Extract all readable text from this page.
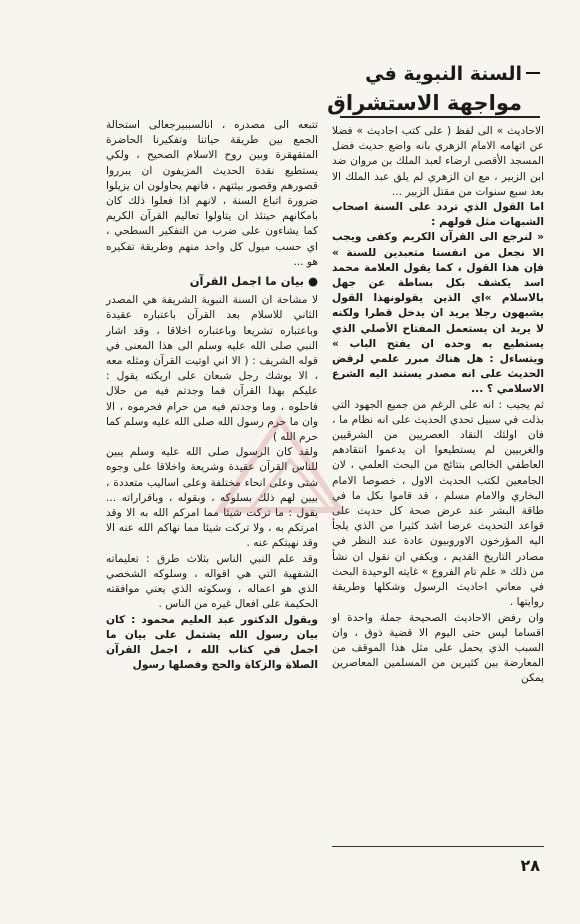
السنة النبوية في
مواجهة الاستشراق

الاحاديث » الى لفظ ( على كتب احاديث » فضلا عن اتهامه الامام الزهري بانه واضع حديث فضل المسجد الأقصى ارضاء لعبد الملك بن مروان ضد ابن الزبير ، مع ان الزهري لم يلق عبد الملك الا بعد سبع سنوات من مقتل الزبير ...

اما القول الذي تردد على السنة اصحاب الشبهات مثل قولهم :

« لنرجع الى القرآن الكريم وكفى ويجب الا نجعل من انفسنا متعبدين للسنة » فإن هذا القول ، كما يقول العلامة محمد اسد يكشف بكل بساطة عن جهل بالاسلام »اي الذين يقولونهذا القول يشبهون رجلا يريد ان يدخل قطرا ولكنه لا يريد ان يستعمل المفتاح الأصلي الذي يستطيع به وحده ان يفتح الباب » ويتساءل : هل هناك مبرر علمي لرفض الحديث على انه مصدر يستند اليه الشرع الاسلامي ؟ ...

ثم يجيب : انه على الرغم من جميع الجهود التي بذلت في سبيل تحدي الحديث على انه نظام ما ، فان اولئك النقاد العصريين من الشرقيين والغربيين لم يستطيعوا ان يدعموا انتقادهم العاطفي الخالص بنتائج من البحث العلمي ، لان الجامعين لكتب الحديث الاول ، خصوصا الامام البخاري والامام مسلم ، قد قاموا بكل ما في طاقة البشر عند عرض صحة كل حديث على قواعد التحديث عرضا اشد كثيرا من الذي يلجأ اليه المؤرخون الاوروبيون عادة عند النظر في مصادر التاريخ القديم ، ويكفي ان نقول ان نشأ من ذلك « علم تام الفروع » غايته الوحيدة البحث في معاني احاديث الرسول وشكلها وطريقة روايتها .

وان رفض الاحاديث الصحيحة جملة واحدة او اقساما ليس حتى اليوم الا قضية ذوق ، وان السبب الذي يحمل على مثل هذا الموقف من المعارضة بين كثيرين من المسلمين المعاصرين يمكن

تتبعه الى مصدره ، انالسببيرجعالى استحالة الجمع بين طريقة حياتنا وتفكيرنا الحاضرة المتقهقرة وبين روح الاسلام الصحيح ، ولكي يستطيع نقدة الحديث المزيفون ان يبرروا قصورهم وقصور بيئتهم ، فانهم يحاولون ان يزيلوا ضرورة اتباع السنة ، لانهم اذا فعلوا ذلك كان بامكانهم حينئذ ان يتاولوا تعاليم القرآن الكريم كما يشاءون على ضرب من التفكير السطحي ، اي حسب ميول كل واحد منهم وطريقة تفكيره هو ...

● بيان ما اجمل القرآن

لا مشاحة ان السنة النبوية الشريفة هي المصدر الثاني للاسلام بعد القرآن باعتباره عقيدة وباعتباره تشريعا وباعتباره اخلاقا ، وقد اشار النبي صلى الله عليه وسلم الى هذا المعنى في قوله الشريف : ( الا اني اوتيت القرآن ومثله معه ، الا يوشك رجل شبعان على اريكته يقول : عليكم بهذا القرآن فما وجدتم فيه من حلال فاحلوه ، وما وجدتم فيه من حرام فحرموه ، الا وان ما حرم رسول الله صلى الله عليه وسلم كما حرم الله )

ولقد كان الرسول صلى الله عليه وسلم يبين للناس القرآن عقيدة وشريعة واخلاقا على وجوه شتى وعلى انحاء مختلفة وعلى اساليب متعددة ، بيين لهم ذلك بسلوكه ، وبقوله ، وباقراراته ... يقول : ما تركت شيئا مما امركم الله به الا وقد امرتكم به ، ولا تركت شيئا مما نهاكم الله عنه الا وقد نهيتكم عنه .

وقد علم النبي الناس بثلاث طرق : تعليماته الشفهية التي هي اقواله ، وسلوكه الشخصي الذي هو اعماله ، وسكوته الذي يعني موافقته الحكيمة على افعال غيره من الناس .

ويقول الدكتور عبد العليم محمود : كان بيان رسول الله يشتمل على بيان ما اجمل في كتاب الله ، اجمل القرآن الصلاة والزكاة والحج وفصلها رسول

٢٨
